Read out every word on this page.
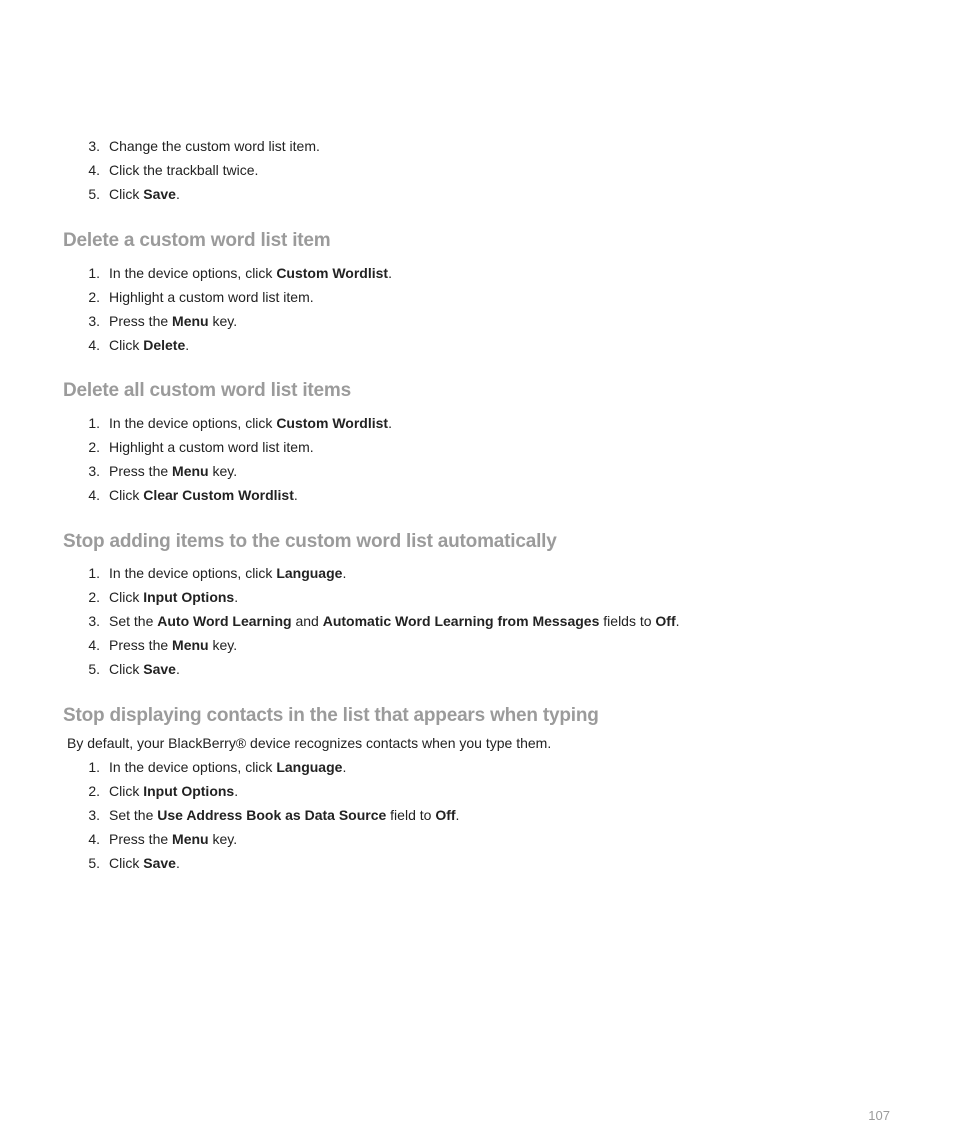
3. Change the custom word list item.
4. Click the trackball twice.
5. Click Save.
Delete a custom word list item
1. In the device options, click Custom Wordlist.
2. Highlight a custom word list item.
3. Press the Menu key.
4. Click Delete.
Delete all custom word list items
1. In the device options, click Custom Wordlist.
2. Highlight a custom word list item.
3. Press the Menu key.
4. Click Clear Custom Wordlist.
Stop adding items to the custom word list automatically
1. In the device options, click Language.
2. Click Input Options.
3. Set the Auto Word Learning and Automatic Word Learning from Messages fields to Off.
4. Press the Menu key.
5. Click Save.
Stop displaying contacts in the list that appears when typing

By default, your BlackBerry® device recognizes contacts when you type them.

1. In the device options, click Language.
2. Click Input Options.
3. Set the Use Address Book as Data Source field to Off.
4. Press the Menu key.
5. Click Save.
107
